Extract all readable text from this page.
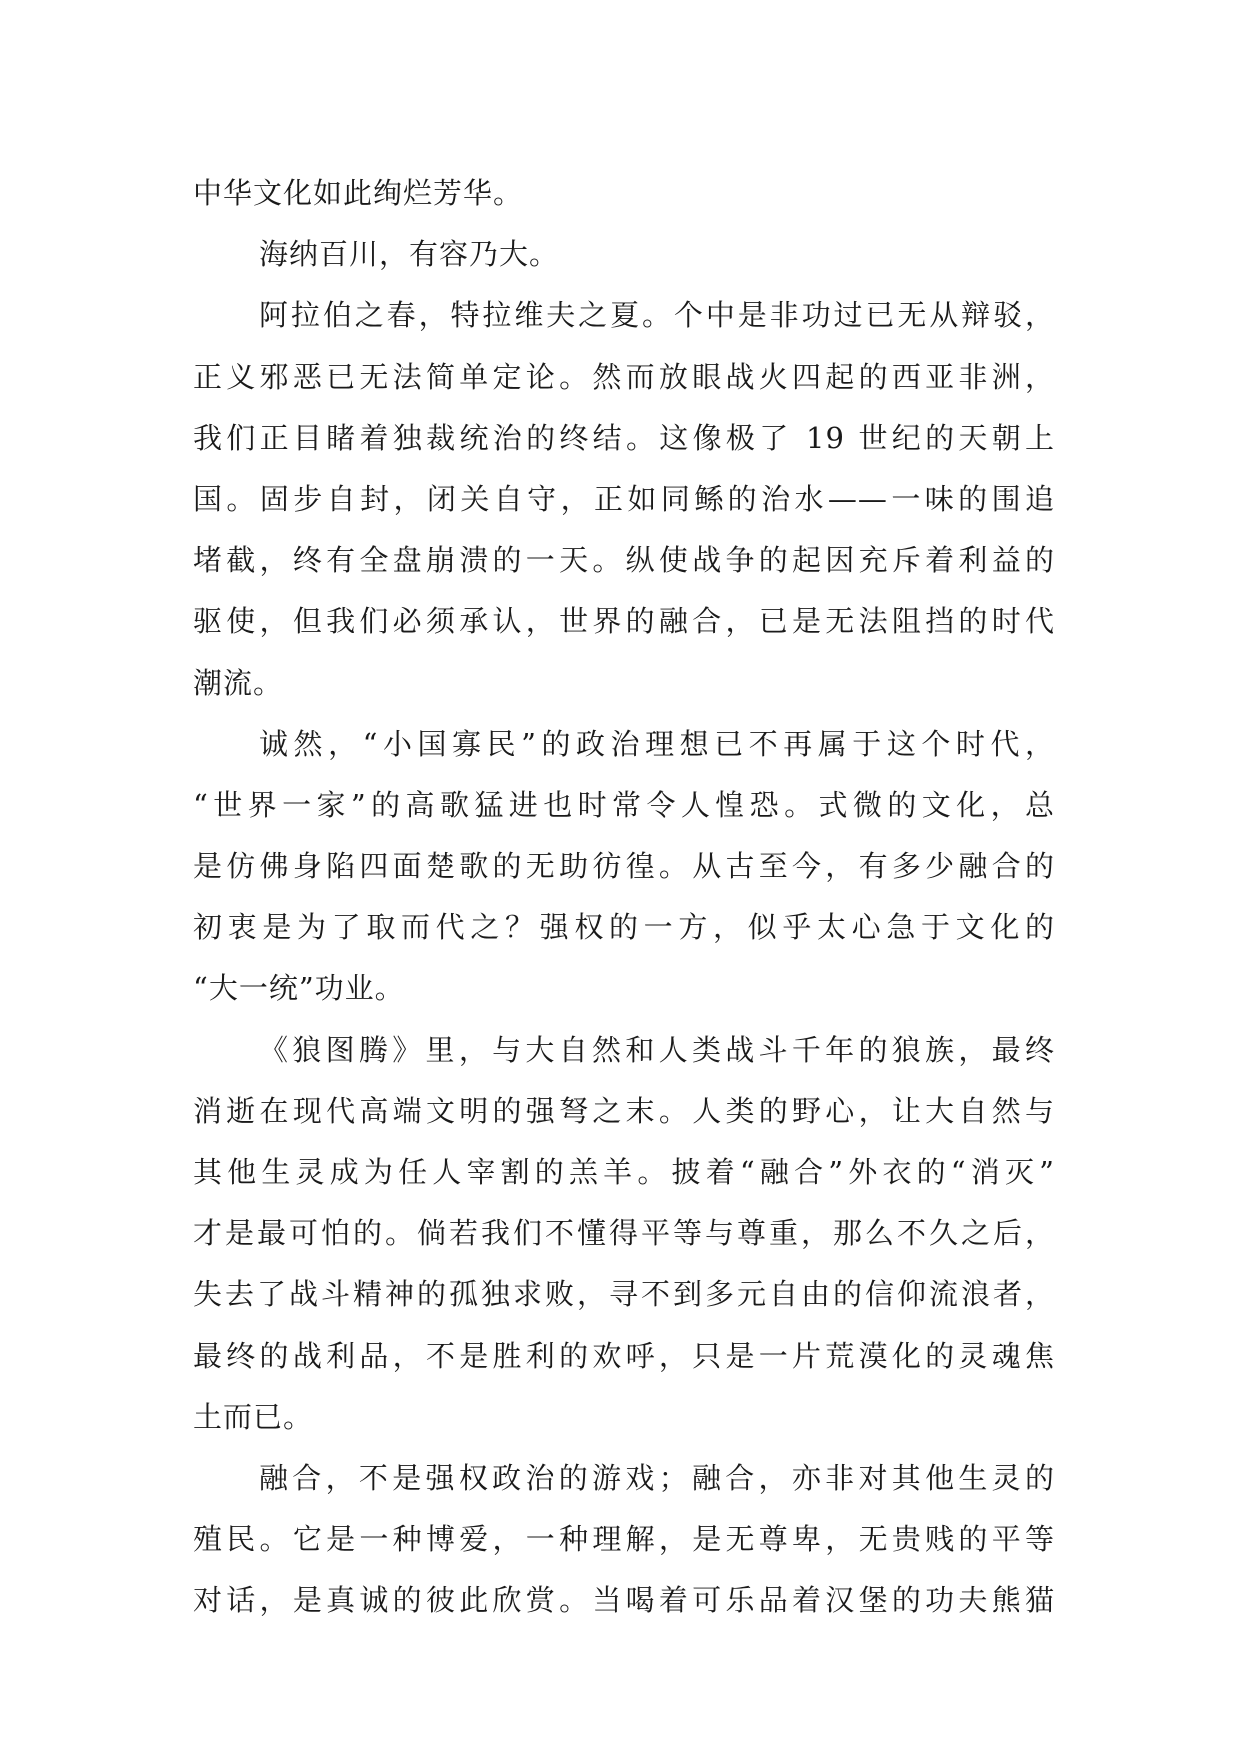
中华文化如此绚烂芳华。
海纳百川，有容乃大。
阿拉伯之春，特拉维夫之夏。个中是非功过已无从辩驳，
正义邪恶已无法简单定论。然而放眼战火四起的西亚非洲，
我们正目睹着独裁统治的终结。这像极了 19 世纪的天朝上
国。固步自封，闭关自守，正如同鲧的治水——一味的围追
堵截，终有全盘崩溃的一天。纵使战争的起因充斥着利益的
驱使，但我们必须承认，世界的融合，已是无法阻挡的时代
潮流。
诚然，“小国寡民”的政治理想已不再属于这个时代，
“世界一家”的高歌猛进也时常令人惶恐。式微的文化，总
是仿佛身陷四面楚歌的无助彷徨。从古至今，有多少融合的
初衷是为了取而代之？强权的一方，似乎太心急于文化的
“大一统”功业。
《狼图腾》里，与大自然和人类战斗千年的狼族，最终
消逝在现代高端文明的强弩之末。人类的野心，让大自然与
其他生灵成为任人宰割的羔羊。披着“融合”外衣的“消灭”
才是最可怕的。倘若我们不懂得平等与尊重，那么不久之后，
失去了战斗精神的孤独求败，寻不到多元自由的信仰流浪者，
最终的战利品，不是胜利的欢呼，只是一片荒漠化的灵魂焦
土而已。
融合，不是强权政治的游戏；融合，亦非对其他生灵的
殖民。它是一种博爱，一种理解，是无尊卑，无贵贱的平等
对话，是真诚的彼此欣赏。当喝着可乐品着汉堡的功夫熊猫
